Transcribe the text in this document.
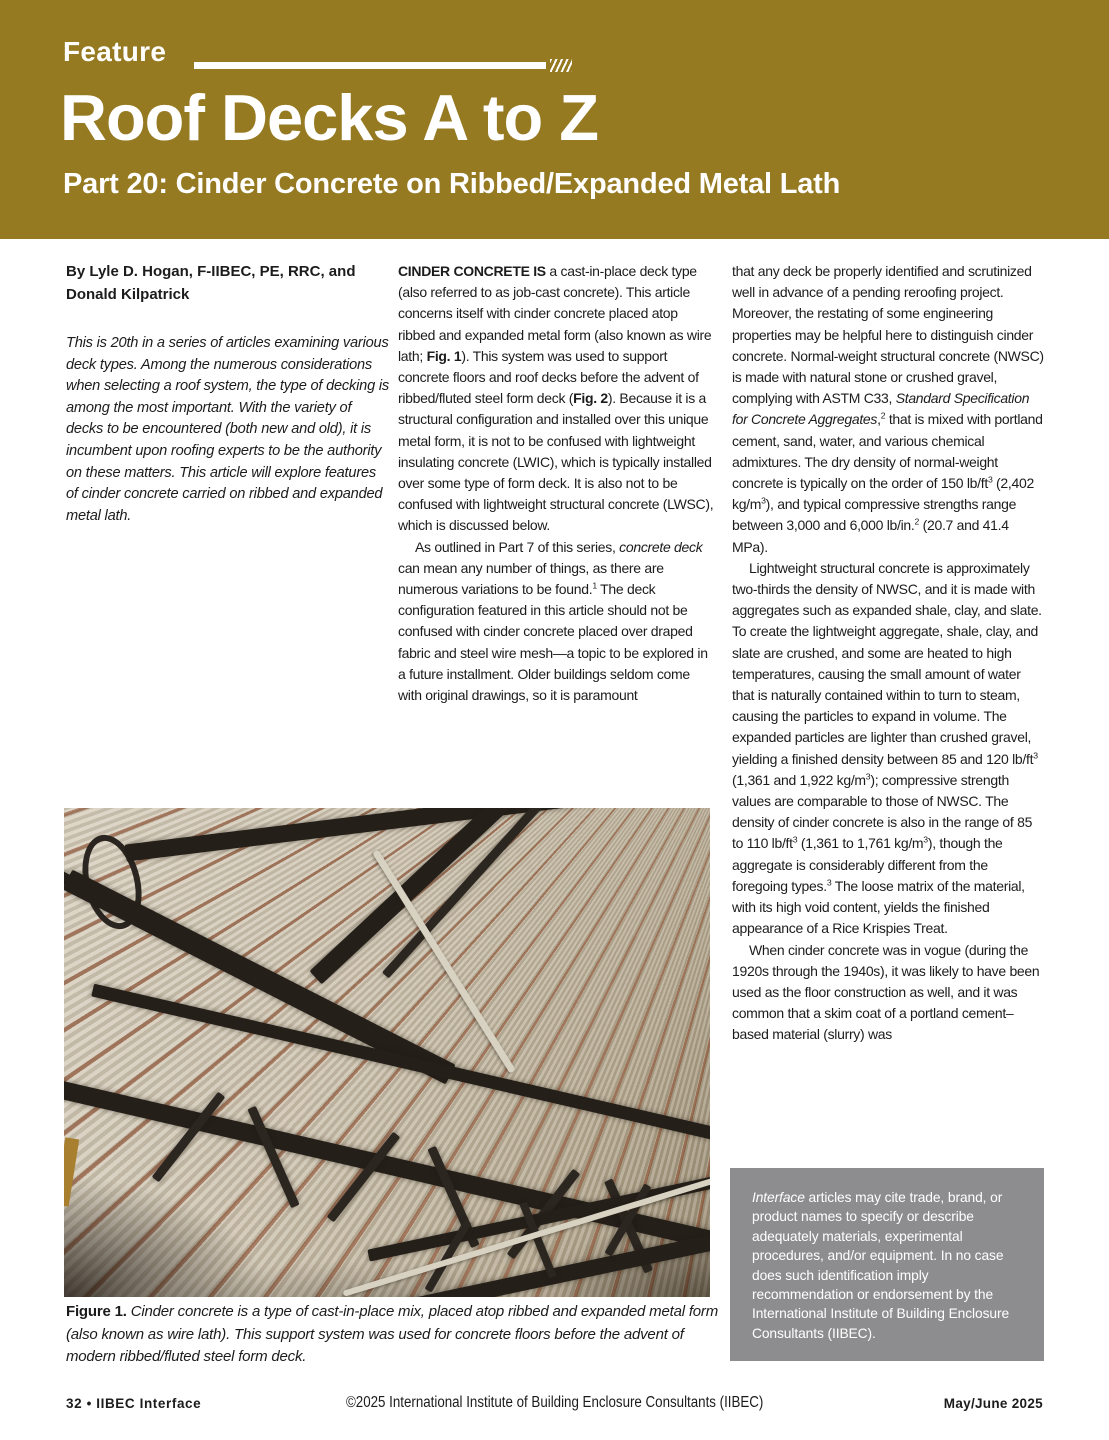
Feature
Roof Decks A to Z
Part 20: Cinder Concrete on Ribbed/Expanded Metal Lath
By Lyle D. Hogan, F-IIBEC, PE, RRC, and
Donald Kilpatrick
This is 20th in a series of articles examining various deck types. Among the numerous considerations when selecting a roof system, the type of decking is among the most important. With the variety of decks to be encountered (both new and old), it is incumbent upon roofing experts to be the authority on these matters. This article will explore features of cinder concrete carried on ribbed and expanded metal lath.

CINDER CONCRETE IS a cast-in-place deck type (also referred to as job-cast concrete). This article concerns itself with cinder concrete placed atop ribbed and expanded metal form (also known as wire lath; Fig. 1). This system was used to support concrete floors and roof decks before the advent of ribbed/fluted steel form deck (Fig. 2). Because it is a structural configuration and installed over this unique metal form, it is not to be confused with lightweight insulating concrete (LWIC), which is typically installed over some type of form deck. It is also not to be confused with lightweight structural concrete (LWSC), which is discussed below.

As outlined in Part 7 of this series, concrete deck can mean any number of things, as there are numerous variations to be found.$^1$ The deck configuration featured in this article should not be confused with cinder concrete placed over draped fabric and steel wire mesh—a topic to be explored in a future installment. Older buildings seldom come with original drawings, so it is paramount

that any deck be properly identified and scrutinized well in advance of a pending reroofing project. Moreover, the restating of some engineering properties may be helpful here to distinguish cinder concrete. Normal-weight structural concrete (NWSC) is made with natural stone or crushed gravel, complying with ASTM C33, Standard Specification for Concrete Aggregates,$^2$ that is mixed with portland cement, sand, water, and various chemical admixtures. The dry density of normal-weight concrete is typically on the order of 150 $lb/ft^3$ (2,402 $kg/m^3$), and typical compressive strengths range between 3,000 and 6,000 lb/in.$^2$ (20.7 and 41.4 MPa).

Lightweight structural concrete is approximately two-thirds the density of NWSC, and it is made with aggregates such as expanded shale, clay, and slate. To create the lightweight aggregate, shale, clay, and slate are crushed, and some are heated to high temperatures, causing the small amount of water that is naturally contained within to turn to steam, causing the particles to expand in volume. The expanded particles are lighter than crushed gravel, yielding a finished density between 85 and 120 $lb/ft^3$ (1,361 and 1,922 $kg/m^3$); compressive strength values are comparable to those of NWSC. The density of cinder concrete is also in the range of 85 to 110 $lb/ft^3$ (1,361 to 1,761 $kg/m^3$), though the aggregate is considerably different from the foregoing types.$^3$ The loose matrix of the material, with its high void content, yields the finished appearance of a Rice Krispies Treat.

When cinder concrete was in vogue (during the 1920s through the 1940s), it was likely to have been used as the floor construction as well, and it was common that a skim coat of a portland cement–based material (slurry) was

Figure 1. Cinder concrete is a type of cast-in-place mix, placed atop ribbed and expanded metal form (also known as wire lath). This support system was used for concrete floors before the advent of modern ribbed/fluted steel form deck.
Interface articles may cite trade, brand, or product names to specify or describe adequately materials, experimental procedures, and/or equipment. In no case does such identification imply recommendation or endorsement by the International Institute of Building Enclosure Consultants (IIBEC).
32 • IIBEC Interface	©2025 International Institute of Building Enclosure Consultants (IIBEC)	May/June 2025
